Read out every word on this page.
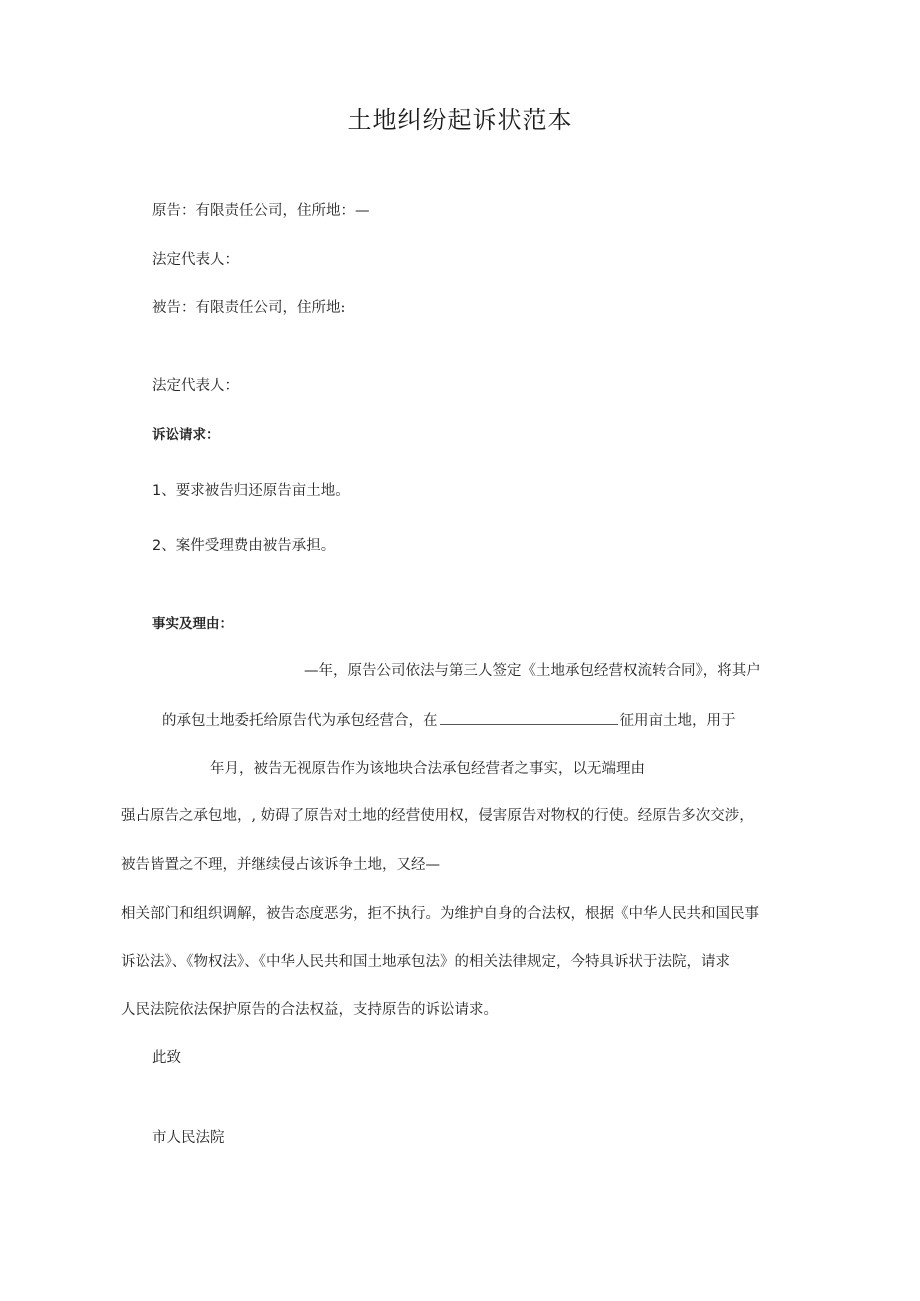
土地纠纷起诉状范本
原告：有限责任公司，住所地：—
法定代表人：
被告：有限责任公司，住所地:
法定代表人：
诉讼请求：
1、要求被告归还原告亩土地。
2、案件受理费由被告承担。
事实及理由：
—年，原告公司依法与第三人签定《土地承包经营权流转合同》，将其户
的承包土地委托给原告代为承包经营合，在	征用亩土地，用于
年月，被告无视原告作为该地块合法承包经营者之事实，以无端理由
强占原告之承包地，, 妨碍了原告对土地的经营使用权，侵害原告对物权的行使。经原告多次交涉，
被告皆置之不理，并继续侵占该诉争土地，又经—
相关部门和组织调解，被告态度恶劣，拒不执行。为维护自身的合法权，根据《中华人民共和国民事
诉讼法》、《物权法》、《中华人民共和国土地承包法》的相关法律规定，今特具诉状于法院，请求
人民法院依法保护原告的合法权益，支持原告的诉讼请求。
此致
市人民法院
